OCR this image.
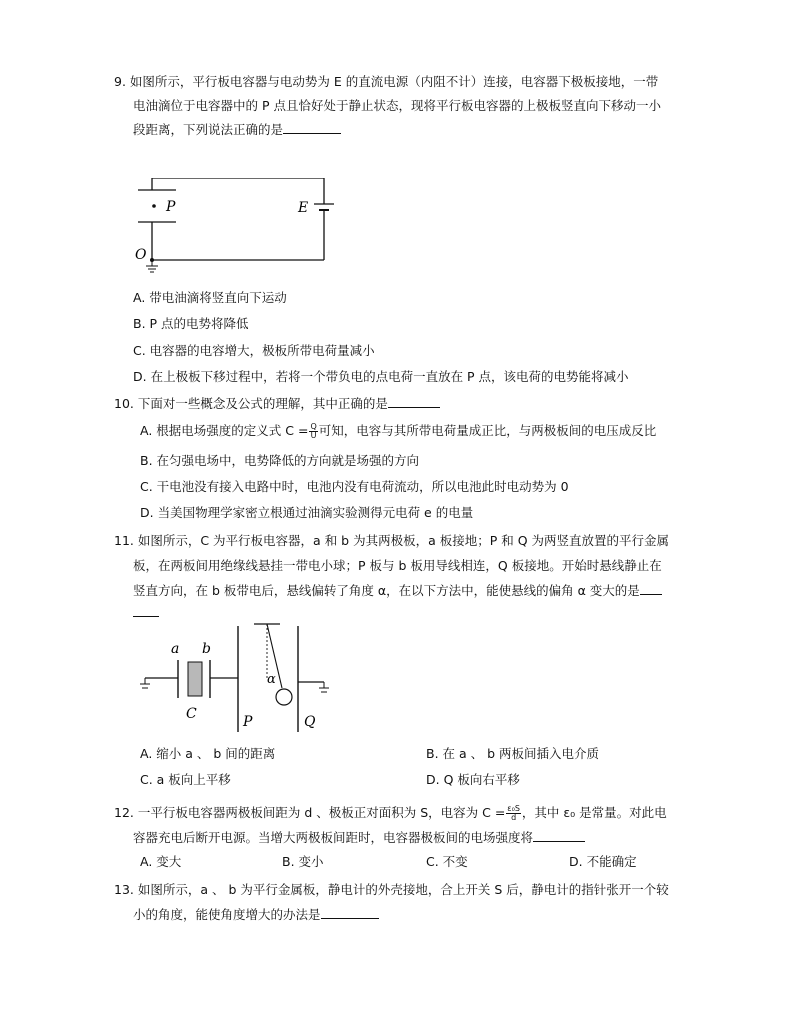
9. 如图所示，平行板电容器与电动势为 E 的直流电源（内阻不计）连接，电容器下极板接地，一带
电油滴位于电容器中的 P 点且恰好处于静止状态，现将平行板电容器的上极板竖直向下移动一小
段距离，下列说法正确的是
P	E
O
A. 带电油滴将竖直向下运动
B. P 点的电势将降低
C. 电容器的电容增大，极板所带电荷量减小
D. 在上极板下移过程中，若将一个带负电的点电荷一直放在 P 点，该电荷的电势能将减小
10. 下面对一些概念及公式的理解，其中正确的是
A. 根据电场强度的定义式 $C = \frac{Q}{U}$ 可知，电容与其所带电荷量成正比，与两极板间的电压成反比
B. 在匀强电场中，电势降低的方向就是场强的方向
C. 干电池没有接入电路中时，电池内没有电荷流动，所以电池此时电动势为 0
D. 当美国物理学家密立根通过油滴实验测得元电荷 e 的电量
11. 如图所示，C 为平行板电容器，a 和 b 为其两极板，a 板接地；P 和 Q 为两竖直放置的平行金属
板，在两板间用绝缘线悬挂一带电小球；P 板与 b 板用导线相连，Q 板接地。开始时悬线静止在
竖直方向，在 b 板带电后，悬线偏转了角度 α，在以下方法中，能使悬线的偏角 α 变大的是
a b
C	P
α
Q
A. 缩小 a 、 b 间的距离	B. 在 a 、 b 两板间插入电介质
C. a 板向上平移	D. Q 板向右平移
12. 一平行板电容器两极板间距为 d 、极板正对面积为 S，电容为 $C = \frac{\text{ε₀S}}{d}$ ，其中 ε₀ 是常量。对此电
容器充电后断开电源。当增大两极板间距时，电容器极板间的电场强度将
A. 变大	B. 变小	C. 不变	D. 不能确定
13. 如图所示，a 、 b 为平行金属板，静电计的外壳接地，合上开关 S 后，静电计的指针张开一个较
小的角度，能使角度增大的办法是
